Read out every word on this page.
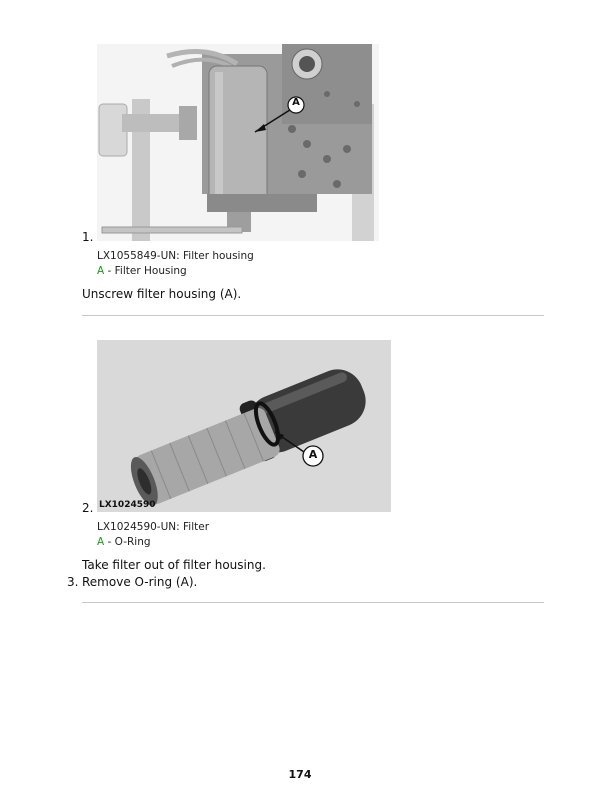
1.
A
LX1055849-UN: Filter housing
A - Filter Housing
Unscrew filter housing (A).
2.
A
LX1024590
LX1024590-UN: Filter
A - O-Ring
Take filter out of filter housing.
3. Remove O-ring (A).
174
